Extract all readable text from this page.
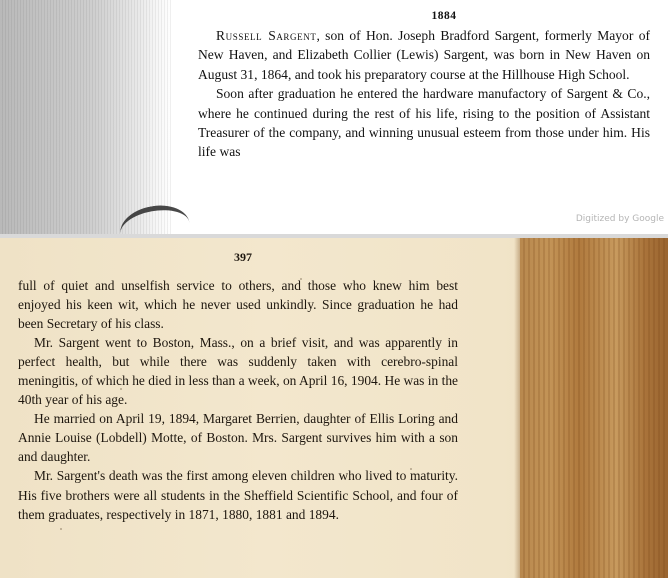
1884

Russell Sargent, son of Hon. Joseph Bradford Sargent, formerly Mayor of New Haven, and Elizabeth Collier (Lewis) Sargent, was born in New Haven on August 31, 1864, and took his preparatory course at the Hillhouse High School.

Soon after graduation he entered the hardware manufactory of Sargent & Co., where he continued during the rest of his life, rising to the position of Assistant Treasurer of the company, and winning unusual esteem from those under him. His life was

Digitized by Google
397

full of quiet and unselfish service to others, and those who knew him best enjoyed his keen wit, which he never used unkindly. Since graduation he had been Secretary of his class.

Mr. Sargent went to Boston, Mass., on a brief visit, and was apparently in perfect health, but while there was suddenly taken with cerebro-spinal meningitis, of which he died in less than a week, on April 16, 1904. He was in the 40th year of his age.

He married on April 19, 1894, Margaret Berrien, daughter of Ellis Loring and Annie Louise (Lobdell) Motte, of Boston. Mrs. Sargent survives him with a son and daughter.

Mr. Sargent's death was the first among eleven children who lived to maturity. His five brothers were all students in the Sheffield Scientific School, and four of them graduates, respectively in 1871, 1880, 1881 and 1894.
